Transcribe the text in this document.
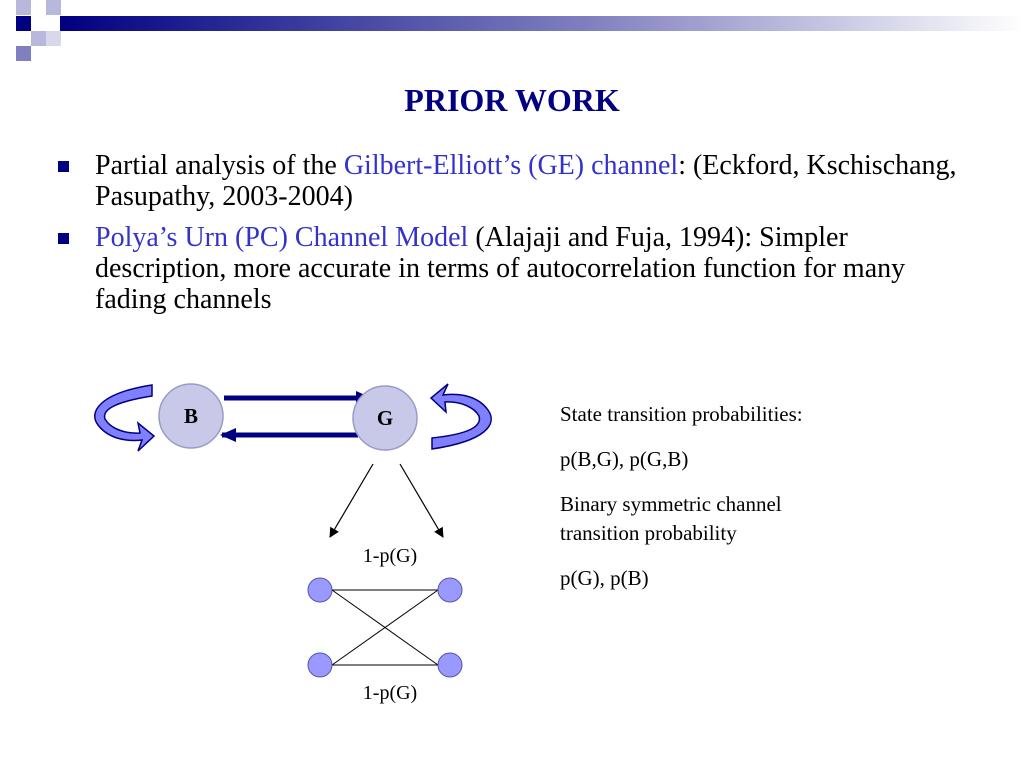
PRIOR WORK
Partial analysis of the Gilbert-Elliott’s (GE) channel: (Eckford, Kschischang, Pasupathy, 2003-2004)
Polya’s Urn (PC) Channel Model (Alajaji and Fuja, 1994): Simpler description, more accurate in terms of autocorrelation function for many fading channels
B	G
1-p(G)
1-p(G)

State transition probabilities:

p(B,G), p(G,B)

Binary symmetric channel
transition probability

p(G), p(B)
